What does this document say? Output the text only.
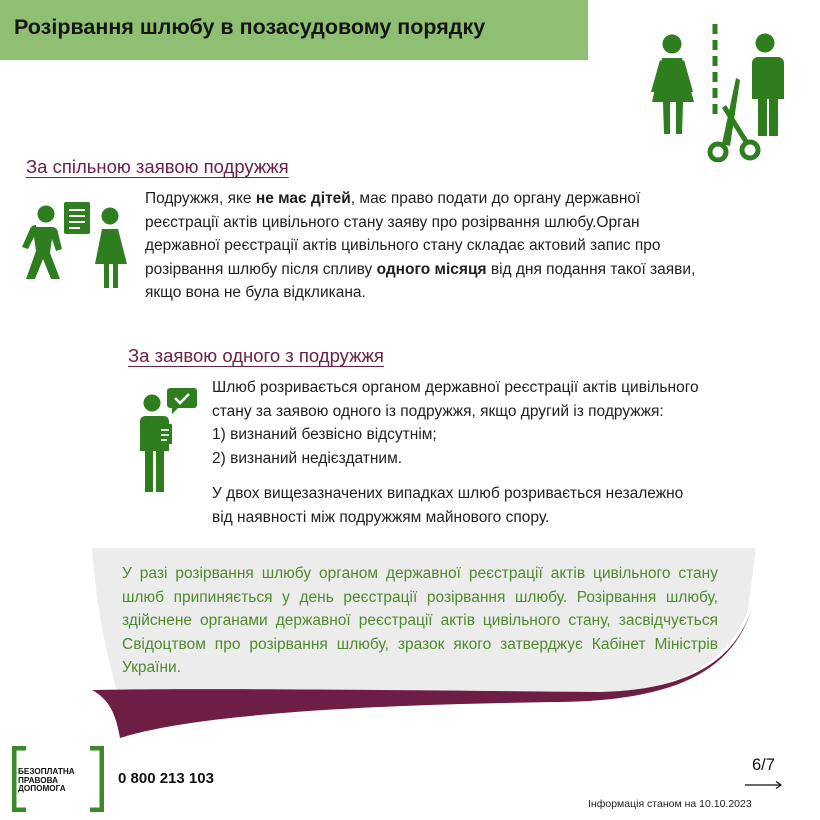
Розірвання шлюбу в позасудовому порядку
За спільною заявою подружжя
Подружжя, яке не має дітей, має право подати до органу державної
реєстрації актів цивільного стану заяву про розірвання шлюбу.Орган
державної реєстрації актів цивільного стану складає актовий запис про
розірвання шлюбу після спливу одного місяця від дня подання такої заяви,
якщо вона не була відкликана.
За заявою одного з подружжя
Шлюб розривається органом державної реєстрації актів цивільного
стану за заявою одного із подружжя, якщо другий із подружжя:
1) визнаний безвісно відсутнім;
2) визнаний недієздатним.
У двох вищезазначених випадках шлюб розривається незалежно
від наявності між подружжям майнового спору.
У разі розірвання шлюбу органом державної реєстрації актів цивільного стану шлюб припиняється у день реєстрації розірвання шлюбу. Розірвання шлюбу, здійснене органами державної реєстрації актів цивільного стану, засвідчується Свідоцтвом про розірвання шлюбу, зразок якого затверджує Кабінет Міністрів України.
БЕЗОПЛАТНА
ПРАВОВА
ДОПОМОГА
0 800 213 103
6/7
Інформація станом на 10.10.2023
